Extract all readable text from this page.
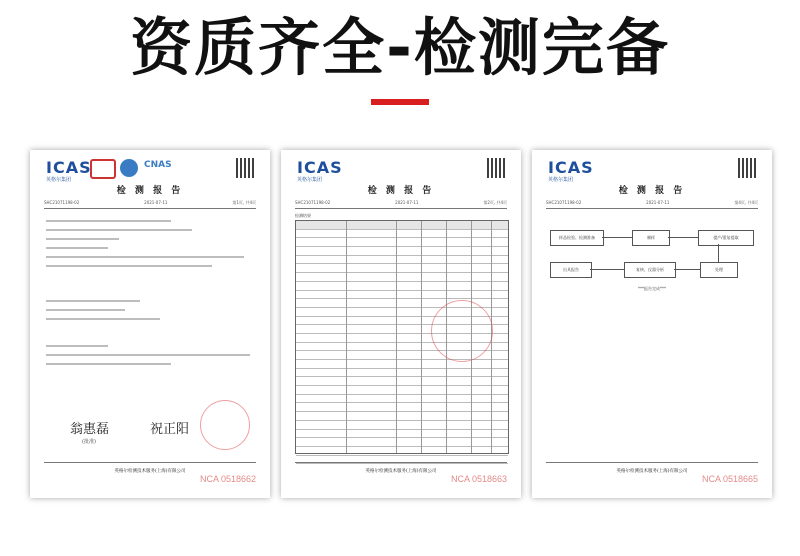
资质齐全-检测完备
ICAS
英格尔集团
CNAS
检 测 报 告
SHC21071198-02	2021-07-11	第1页, 共4页
翁惠磊
(批准)
祝正阳
英格尔检测技术服务(上海)有限公司
NCA 0518662
ICAS
英格尔集团
检 测 报 告
SHC21071198-02	2021-07-11	第2页, 共4页
检测结果
英格尔检测技术服务(上海)有限公司
NCA 0518663
ICAS
英格尔集团
检 测 报 告
SHC21071198-02	2021-07-11	第4页, 共4页
样品检验、检测准备	制样	提产/重复提取
出具报告	复核、仪器分析	处理
***报告完成***
英格尔检测技术服务(上海)有限公司
NCA 0518665
